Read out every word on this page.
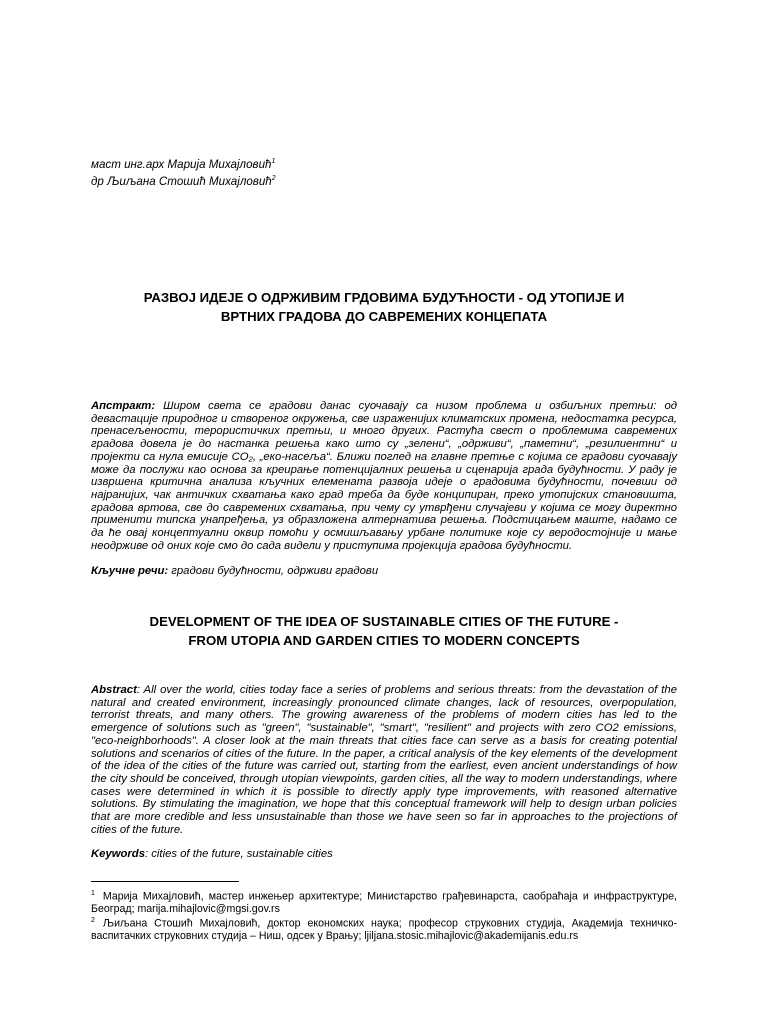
маст инг.арх Марија Михајловић$^1$
др Љиљана Стошић Михајловић$^2$
РАЗВОЈ ИДЕЈЕ О ОДРЖИВИМ ГРДОВИМА БУДУЋНОСТИ - ОД УТОПИЈЕ И
ВРТНИХ ГРАДОВА ДО САВРЕМЕНИХ КОНЦЕПАТА
Апстракт: Широм света се градови данас суочавају са низом проблема и озбиљних претњи: од девастације природног и створеног окружења, све израженијих климатских промена, недостатка ресурса, пренасељености, терористичких претњи, и много других. Растућа свест о проблемима савремених градова довела је до настанка решења како што су „зелени“, „одрживи“, „паметни“, „резилиентни“ и пројекти са нула емисије CO₂, „еко-насеља“. Ближи поглед на главне претње с којима се градови суочавају може да послужи као основа за креирање потенцијалних решења и сценарија града будућности. У раду је извршена критична анализа кључних елемената развоја идеје о градовима будућности, почевши од најранијих, чак античких схватања како град треба да буде конципиран, преко утопијских становишта, градова вртова, све до савремених схватања, при чему су утврђени случајеви у којима се могу директно применити типска унапређења, уз образложена алтернатива решења. Подстицањем маште, надамо се да ће овај концептуални оквир помоћи у осмишљавању урбане политике које су веродостојније и мање неодрживе од оних које смо до сада видели у приступима пројекција градова будућности.
Кључне речи: градови будућности, одрживи градови
DEVELOPMENT OF THE IDEA OF SUSTAINABLE CITIES OF THE FUTURE -
FROM UTOPIA AND GARDEN CITIES TO MODERN CONCEPTS
Abstract: All over the world, cities today face a series of problems and serious threats: from the devastation of the natural and created environment, increasingly pronounced climate changes, lack of resources, overpopulation, terrorist threats, and many others. The growing awareness of the problems of modern cities has led to the emergence of solutions such as "green", "sustainable", "smart", "resilient" and projects with zero CO2 emissions, "eco-neighborhoods". A closer look at the main threats that cities face can serve as a basis for creating potential solutions and scenarios of cities of the future. In the paper, a critical analysis of the key elements of the development of the idea of the cities of the future was carried out, starting from the earliest, even ancient understandings of how the city should be conceived, through utopian viewpoints, garden cities, all the way to modern understandings, where cases were determined in which it is possible to directly apply type improvements, with reasoned alternative solutions. By stimulating the imagination, we hope that this conceptual framework will help to design urban policies that are more credible and less unsustainable than those we have seen so far in approaches to the projections of cities of the future.
Keywords: cities of the future, sustainable cities

$^1$ Марија Михајловић, мастер инжењер архитектуре; Министарство грађевинарста, саобраћаја и инфраструктуре, Београд; marija.mihajlovic@mgsi.gov.rs

$^2$ Љиљана Стошић Михајловић, доктор економских наука; професор струковних студија, Академија техничко-васпитачких струковних студија – Ниш, одсек у Врању; ljiljana.stosic.mihajlovic@akademijanis.edu.rs
